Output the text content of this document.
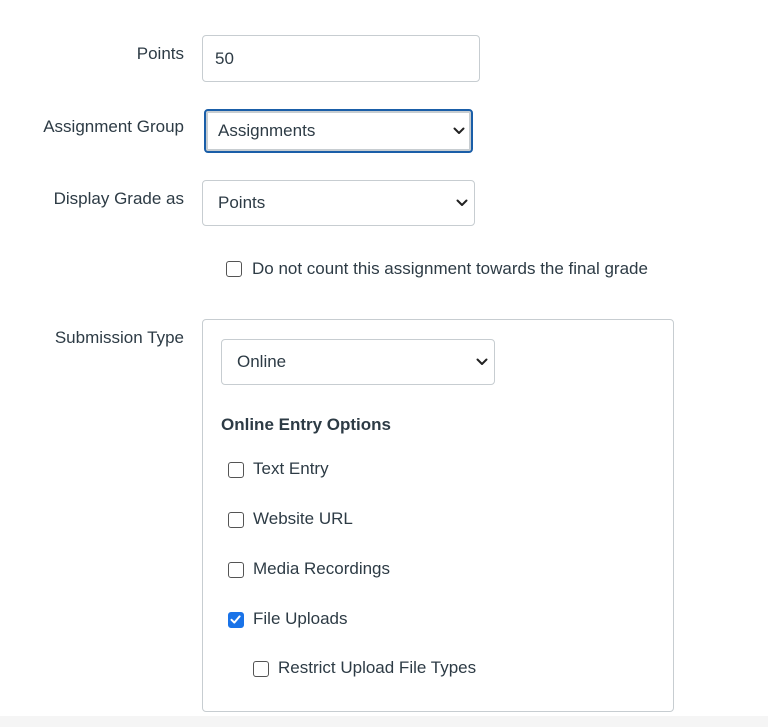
Points 50
Assignment Group Assignments
Display Grade as Points
Do not count this assignment towards the final grade
Submission Type
Online
Online Entry Options
Text Entry
Website URL
Media Recordings
File Uploads
Restrict Upload File Types
